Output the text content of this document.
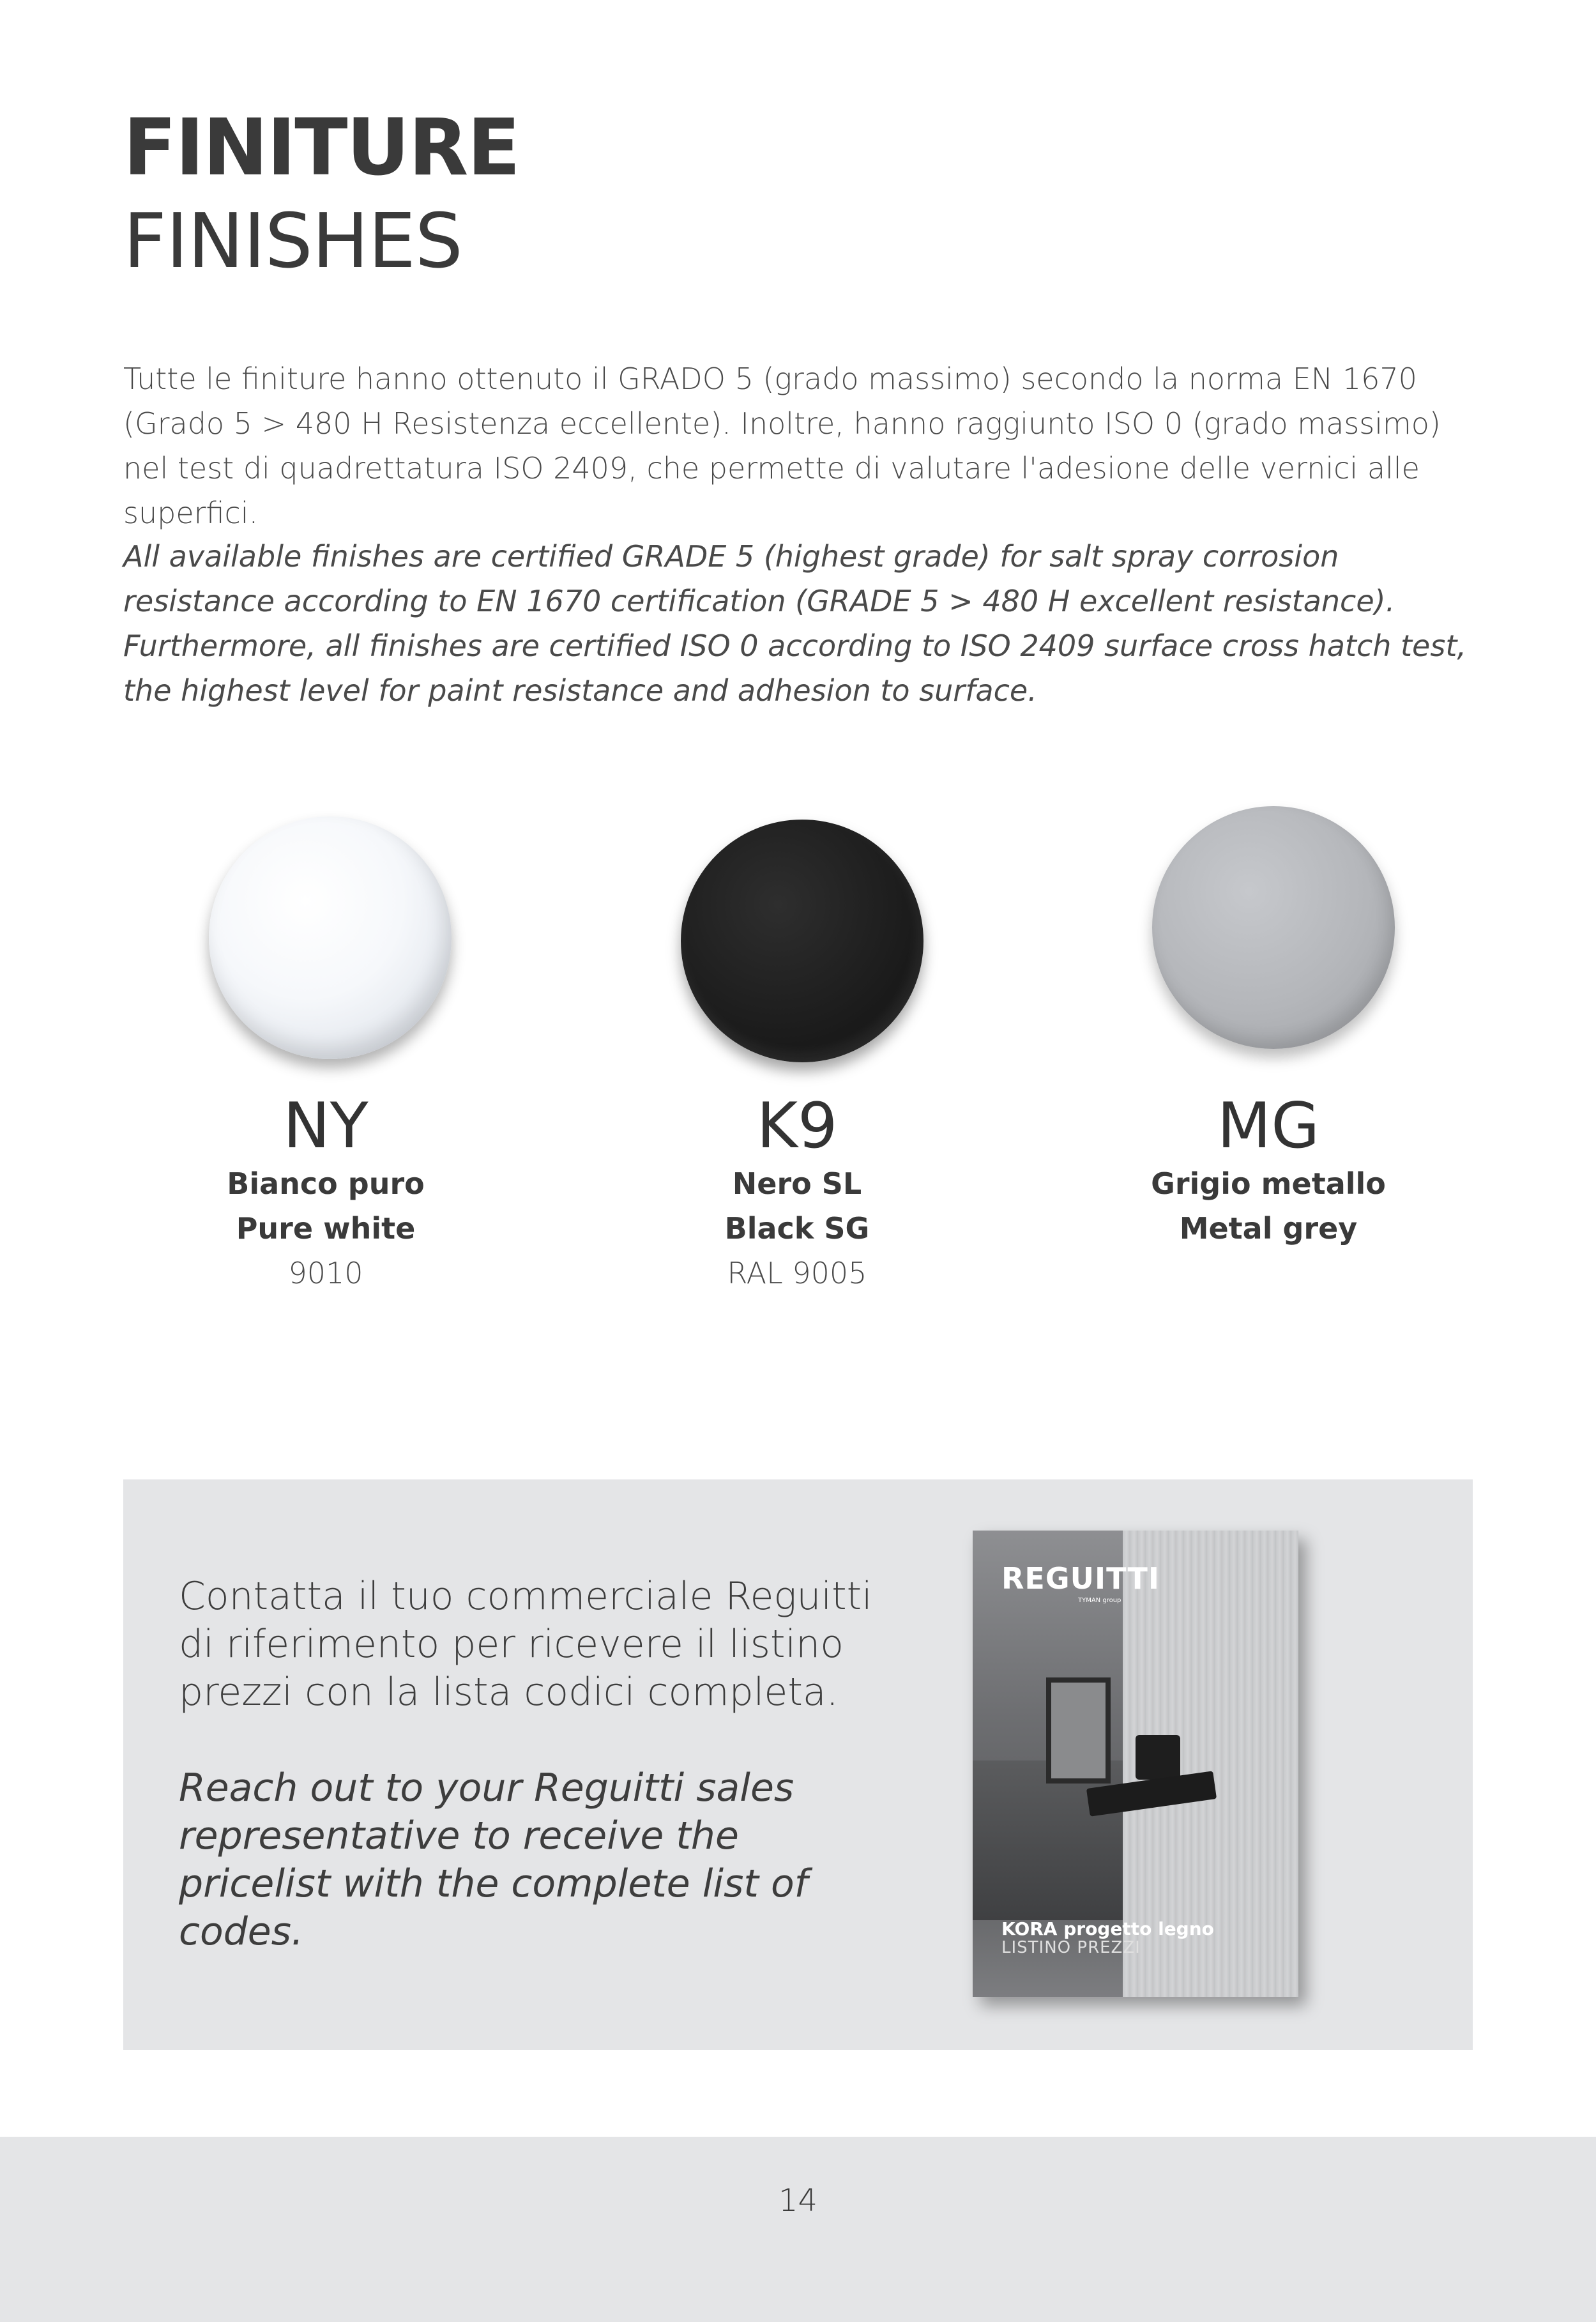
FINITURE
FINISHES
Tutte le finiture hanno ottenuto il GRADO 5 (grado massimo) secondo la norma EN 1670 (Grado 5 > 480 H Resistenza eccellente). Inoltre, hanno raggiunto ISO 0 (grado massimo) nel test di quadrettatura ISO 2409, che permette di valutare l'adesione delle vernici alle superfici.
All available finishes are certified GRADE 5 (highest grade) for salt spray corrosion resistance according to EN 1670 certification (GRADE 5 > 480 H excellent resistance). Furthermore, all finishes are certified ISO 0 according to ISO 2409 surface cross hatch test, the highest level for paint resistance and adhesion to surface.
NY
Bianco puro
Pure white
9010
K9
Nero SL
Black SG
RAL 9005
MG
Grigio metallo
Metal grey
Contatta il tuo commerciale Reguitti di riferimento per ricevere il listino prezzi con la lista codici completa.
Reach out to your Reguitti sales representative to receive the pricelist with the complete list of codes.
REGUITTI
TYMAN group
KORA progetto legno
LISTINO PREZZI
14
